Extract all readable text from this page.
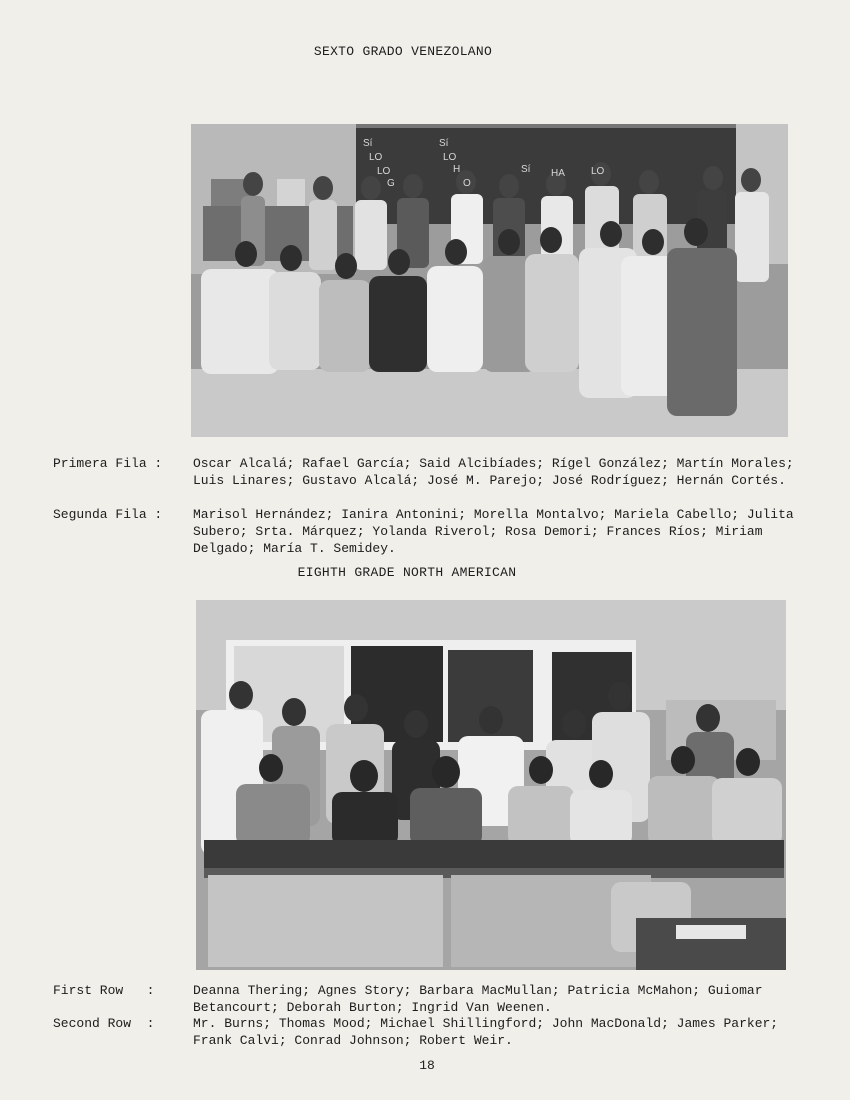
SEXTO GRADO VENEZOLANO
Sí
LO
LO
G
Sí
LO
H
O
Sí HA	LO
Primera Fila : Oscar Alcalá; Rafael García; Said Alcibíades; Rígel González; Martín Morales; Luis Linares; Gustavo Alcalá; José M. Parejo; José Rodríguez; Hernán Cortés.
Segunda Fila : Marisol Hernández; Ianira Antonini; Morella Montalvo; Mariela Cabello; Julita Subero; Srta. Márquez; Yolanda Riverol; Rosa Demori; Frances Ríos; Miriam Delgado; María T. Semidey.
EIGHTH GRADE NORTH AMERICAN
First Row   :	Deanna Thering; Agnes Story; Barbara MacMullan; Patricia McMahon; Guiomar Betancourt; Deborah Burton; Ingrid Van Weenen.
Second Row  :	Mr. Burns; Thomas Mood; Michael Shillingford; John MacDonald; James Parker; Frank Calvi; Conrad Johnson; Robert Weir.
18
